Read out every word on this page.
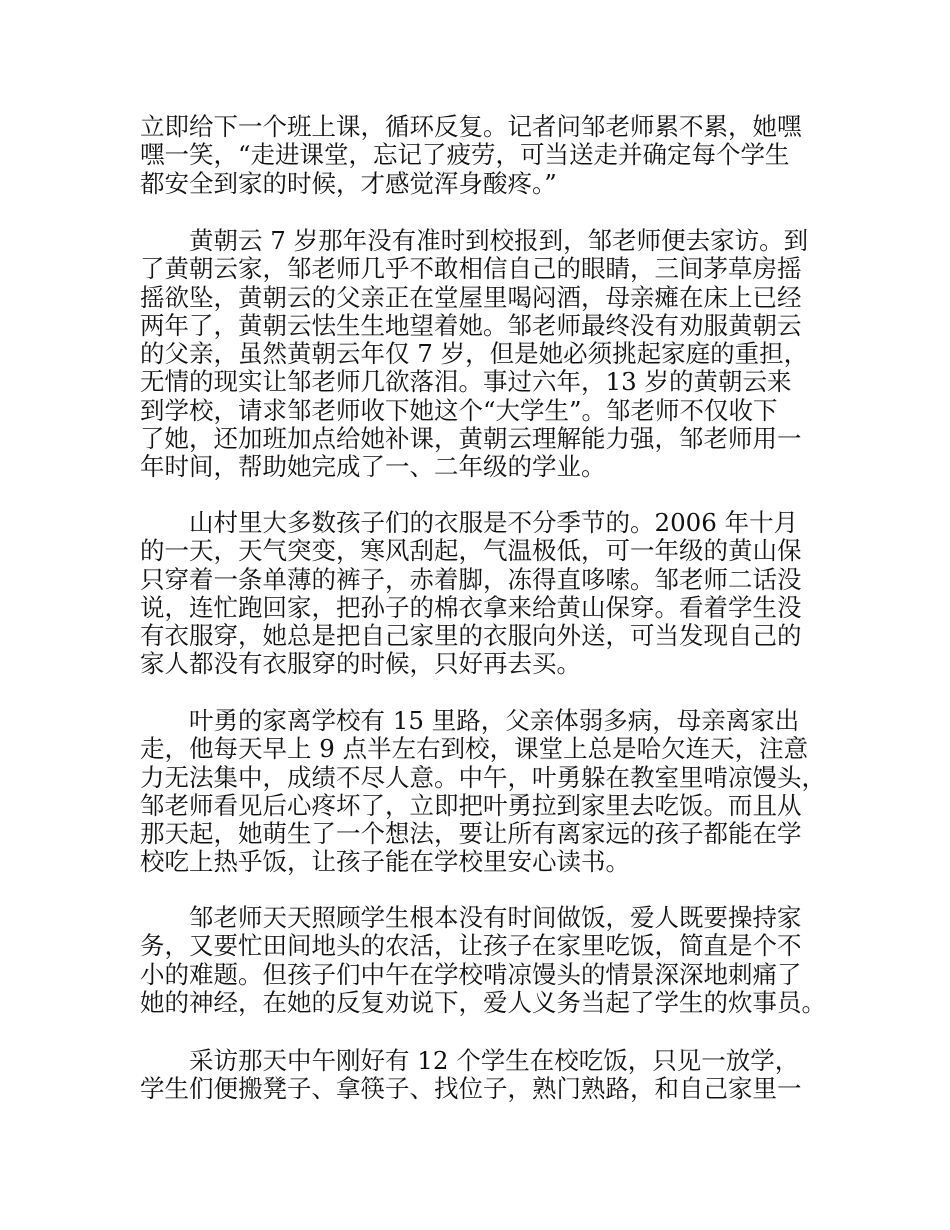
立即给下一个班上课，循环反复。记者问邹老师累不累，她嘿
嘿一笑，“走进课堂，忘记了疲劳，可当送走并确定每个学生
都安全到家的时候，才感觉浑身酸疼。”
黄朝云 7 岁那年没有准时到校报到，邹老师便去家访。到
了黄朝云家，邹老师几乎不敢相信自己的眼睛，三间茅草房摇
摇欲坠，黄朝云的父亲正在堂屋里喝闷酒，母亲瘫在床上已经
两年了，黄朝云怯生生地望着她。邹老师最终没有劝服黄朝云
的父亲，虽然黄朝云年仅 7 岁，但是她必须挑起家庭的重担，
无情的现实让邹老师几欲落泪。事过六年，13 岁的黄朝云来
到学校，请求邹老师收下她这个“大学生”。邹老师不仅收下
了她，还加班加点给她补课，黄朝云理解能力强，邹老师用一
年时间，帮助她完成了一、二年级的学业。
山村里大多数孩子们的衣服是不分季节的。2006 年十月
的一天，天气突变，寒风刮起，气温极低，可一年级的黄山保
只穿着一条单薄的裤子，赤着脚，冻得直哆嗦。邹老师二话没
说，连忙跑回家，把孙子的棉衣拿来给黄山保穿。看着学生没
有衣服穿，她总是把自己家里的衣服向外送，可当发现自己的
家人都没有衣服穿的时候，只好再去买。
叶勇的家离学校有 15 里路，父亲体弱多病，母亲离家出
走，他每天早上 9 点半左右到校，课堂上总是哈欠连天，注意
力无法集中，成绩不尽人意。中午，叶勇躲在教室里啃凉馒头，
邹老师看见后心疼坏了，立即把叶勇拉到家里去吃饭。而且从
那天起，她萌生了一个想法，要让所有离家远的孩子都能在学
校吃上热乎饭，让孩子能在学校里安心读书。
邹老师天天照顾学生根本没有时间做饭，爱人既要操持家
务，又要忙田间地头的农活，让孩子在家里吃饭，简直是个不
小的难题。但孩子们中午在学校啃凉馒头的情景深深地刺痛了
她的神经，在她的反复劝说下，爱人义务当起了学生的炊事员。
采访那天中午刚好有 12 个学生在校吃饭，只见一放学，
学生们便搬凳子、拿筷子、找位子，熟门熟路，和自己家里一
